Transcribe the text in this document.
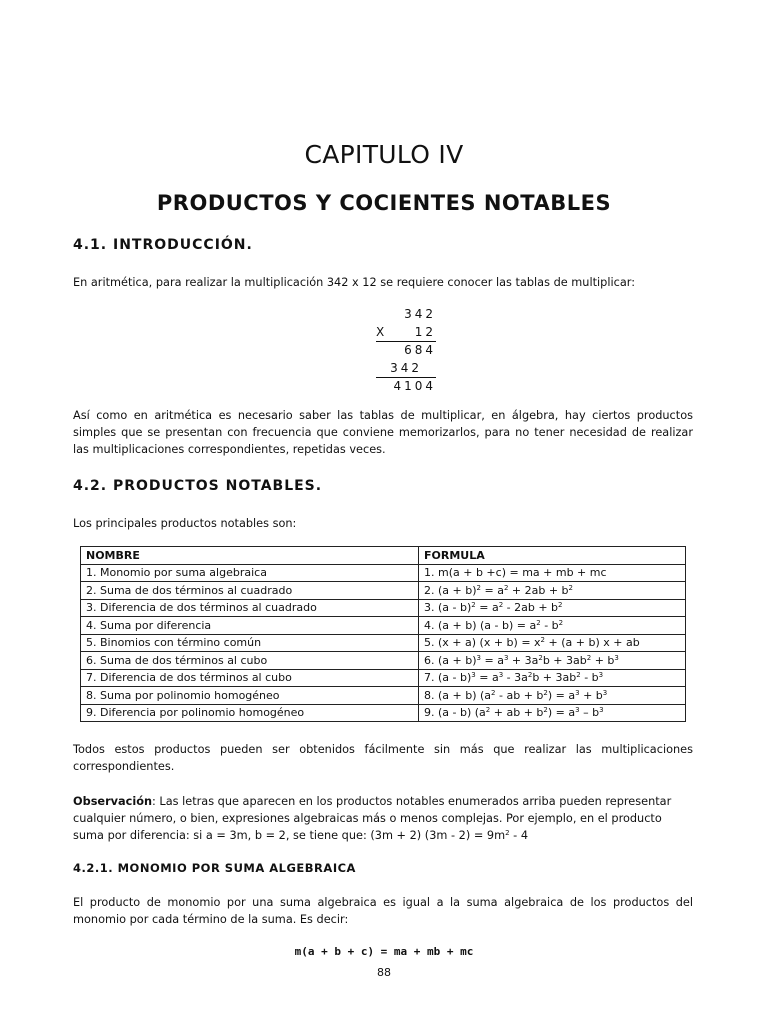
CAPITULO IV
PRODUCTOS Y COCIENTES NOTABLES
4.1. INTRODUCCIÓN.
En aritmética, para realizar la multiplicación 342 x 12 se requiere conocer las tablas de multiplicar:
342
X 12
684
342
4104
Así como en aritmética es necesario saber las tablas de multiplicar, en álgebra, hay ciertos productos simples que se presentan con frecuencia que conviene memorizarlos, para no tener necesidad de realizar las multiplicaciones correspondientes, repetidas veces.
4.2. PRODUCTOS NOTABLES.
Los principales productos notables son:
NOMBRE	FORMULA
1. Monomio por suma algebraica	1. m(a + b +c) = ma + mb + mc
2. Suma de dos términos al cuadrado	2. $(a + b)^2 = a^2 + 2ab + b^2$
3. Diferencia de dos términos al cuadrado	3. $(a - b)^2 = a^2 - 2ab + b^2$
4. Suma por diferencia	4. (a + b) $(a - b) = a^2 - b^2$
5. Binomios con término común	5. (x + a) $(x + b) = x^2 + (a + b) x$ + ab
6. Suma de dos términos al cubo	6. $(a + b)^3 = a^3 + 3a^2b + 3ab^2 + b^3$
7. Diferencia de dos términos al cubo	7. $(a - b)^3 = a^3 - 3a^2b + 3ab^2 - b^3$
8. Suma por polinomio homogéneo	8. (a + b) ($a^2$ - ab + $b^2) = a^3 + b^3$
9. Diferencia por polinomio homogéneo	9. (a - b) ($a^2$ + ab + $b^2) = a^3 - b^3$
Todos estos productos pueden ser obtenidos fácilmente sin más que realizar las multiplicaciones correspondientes.
Observación: Las letras que aparecen en los productos notables enumerados arriba pueden representar cualquier número, o bien, expresiones algebraicas más o menos complejas. Por ejemplo, en el producto suma por diferencia: si a = 3m, b = 2, se tiene que: (3m + 2) $(3m - 2) = 9m^2 - 4$
4.2.1. MONOMIO POR SUMA ALGEBRAICA
El producto de monomio por una suma algebraica es igual a la suma algebraica de los productos del monomio por cada término de la suma. Es decir:
m(a + b + c) = ma + mb + mc
88
